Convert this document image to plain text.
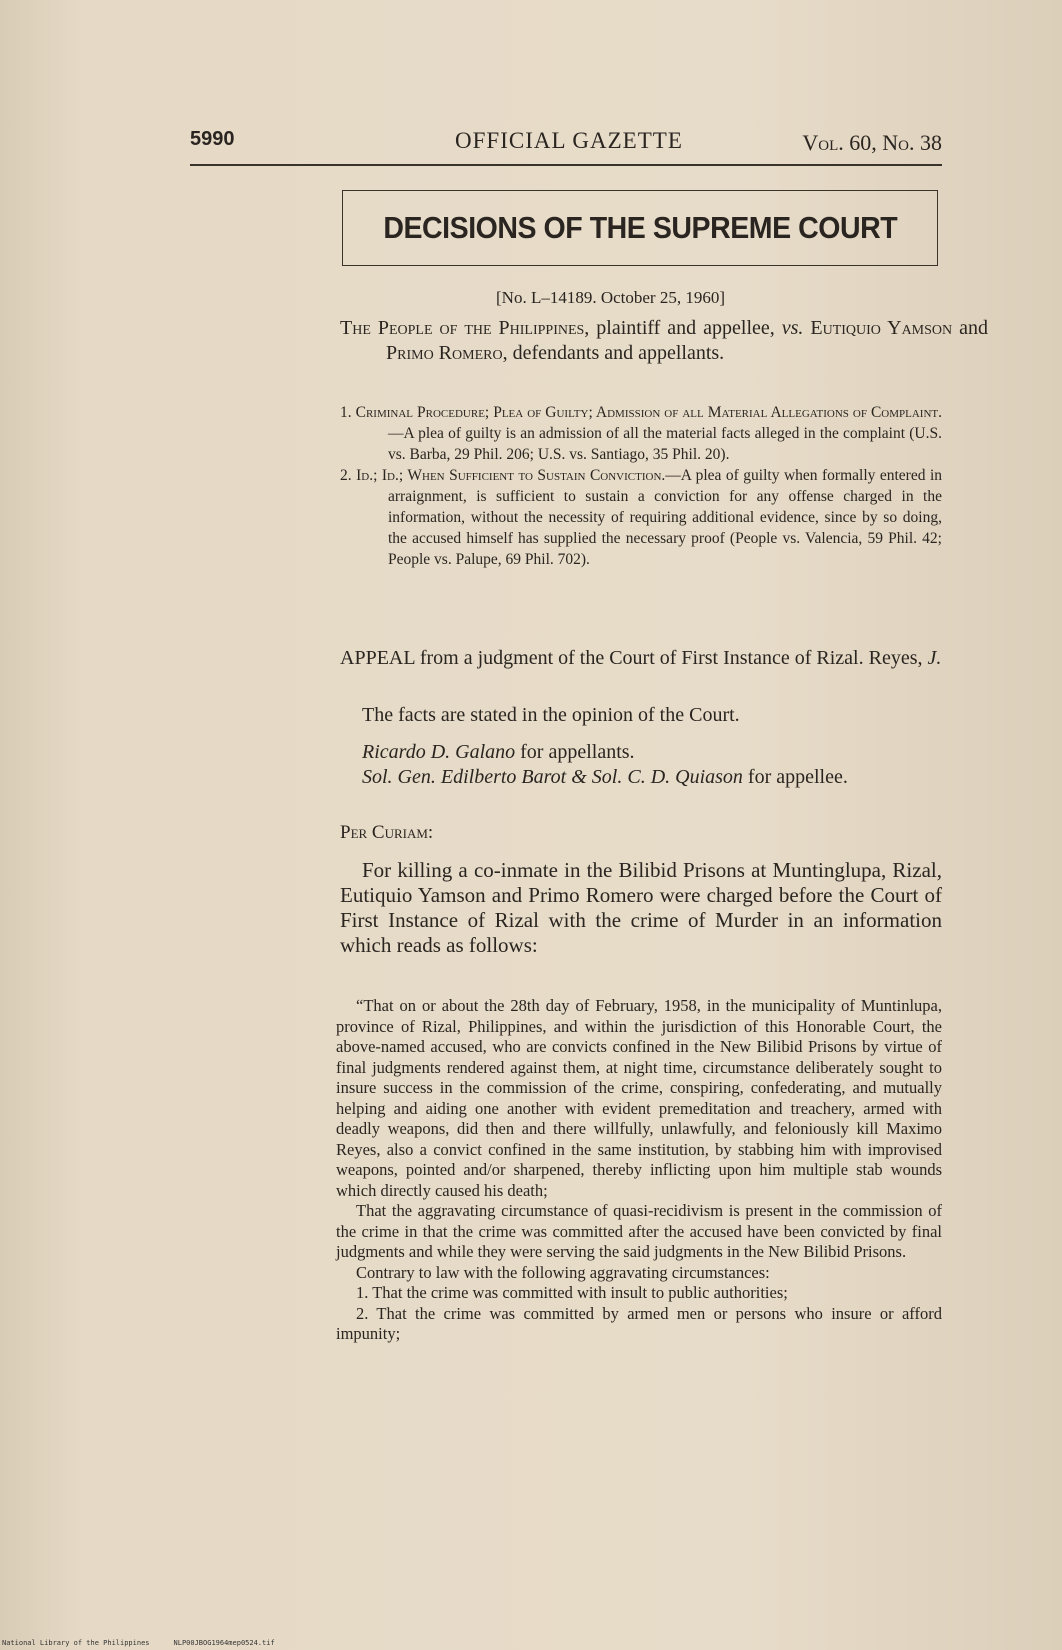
5990	OFFICIAL GAZETTE	Vol. 60, No. 38
DECISIONS OF THE SUPREME COURT
[No. L–14189. October 25, 1960]
The People of the Philippines, plaintiff and appellee, vs. Eutiquio Yamson and Primo Romero, defendants and appellants.
1. Criminal Procedure; Plea of Guilty; Admission of all Material Allegations of Complaint.—A plea of guilty is an admission of all the material facts alleged in the complaint (U.S. vs. Barba, 29 Phil. 206; U.S. vs. Santiago, 35 Phil. 20).
2. Id.; Id.; When Sufficient to Sustain Conviction.—A plea of guilty when formally entered in arraignment, is sufficient to sustain a conviction for any offense charged in the information, without the necessity of requiring additional evidence, since by so doing, the accused himself has supplied the necessary proof (People vs. Valencia, 59 Phil. 42; People vs. Palupe, 69 Phil. 702).
APPEAL from a judgment of the Court of First Instance of Rizal. Reyes, J.
The facts are stated in the opinion of the Court.

Ricardo D. Galano for appellants.

Sol. Gen. Edilberto Barot & Sol. C. D. Quiason for appellee.

Per Curiam:
For killing a co-inmate in the Bilibid Prisons at Muntinglupa, Rizal, Eutiquio Yamson and Primo Romero were charged before the Court of First Instance of Rizal with the crime of Murder in an information which reads as follows:

“That on or about the 28th day of February, 1958, in the municipality of Muntinlupa, province of Rizal, Philippines, and within the jurisdiction of this Honorable Court, the above-named accused, who are convicts confined in the New Bilibid Prisons by virtue of final judgments rendered against them, at night time, circumstance deliberately sought to insure success in the commission of the crime, conspiring, confederating, and mutually helping and aiding one another with evident premeditation and treachery, armed with deadly weapons, did then and there willfully, unlawfully, and feloniously kill Maximo Reyes, also a convict confined in the same institution, by stabbing him with improvised weapons, pointed and/or sharpened, thereby inflicting upon him multiple stab wounds which directly caused his death;

That the aggravating circumstance of quasi-recidivism is present in the commission of the crime in that the crime was committed after the accused have been convicted by final judgments and while they were serving the said judgments in the New Bilibid Prisons.

Contrary to law with the following aggravating circumstances:

1. That the crime was committed with insult to public authorities;

2. That the crime was committed by armed men or persons who insure or afford impunity;

National Library of the Philippines	NLP00JBOG1964mep0524.tif
